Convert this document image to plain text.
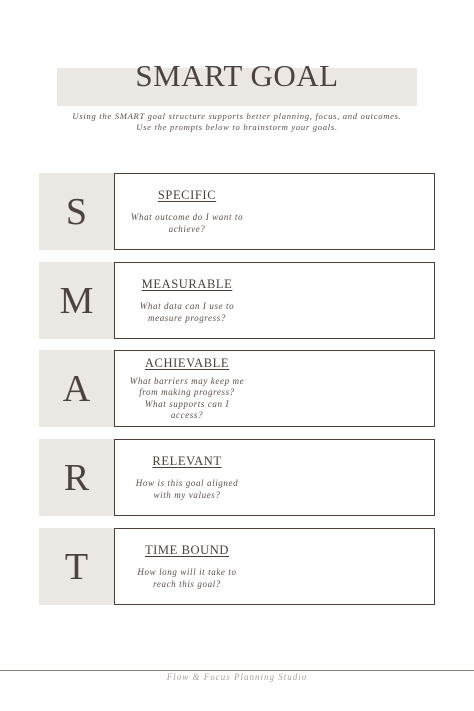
SMART GOAL
Using the SMART goal structure supports better planning, focus, and outcomes.
Use the prompts below to brainstorm your goals.
S	SPECIFIC
What outcome do I want to achieve?
M	MEASURABLE
What data can I use to measure progress?
A
ACHIEVABLE
What barriers may keep me from making progress? What supports can I access?
R	RELEVANT
How is this goal aligned with my values?
T	TIME BOUND
How long will it take to reach this goal?
Flow & Focus Planning Studio
